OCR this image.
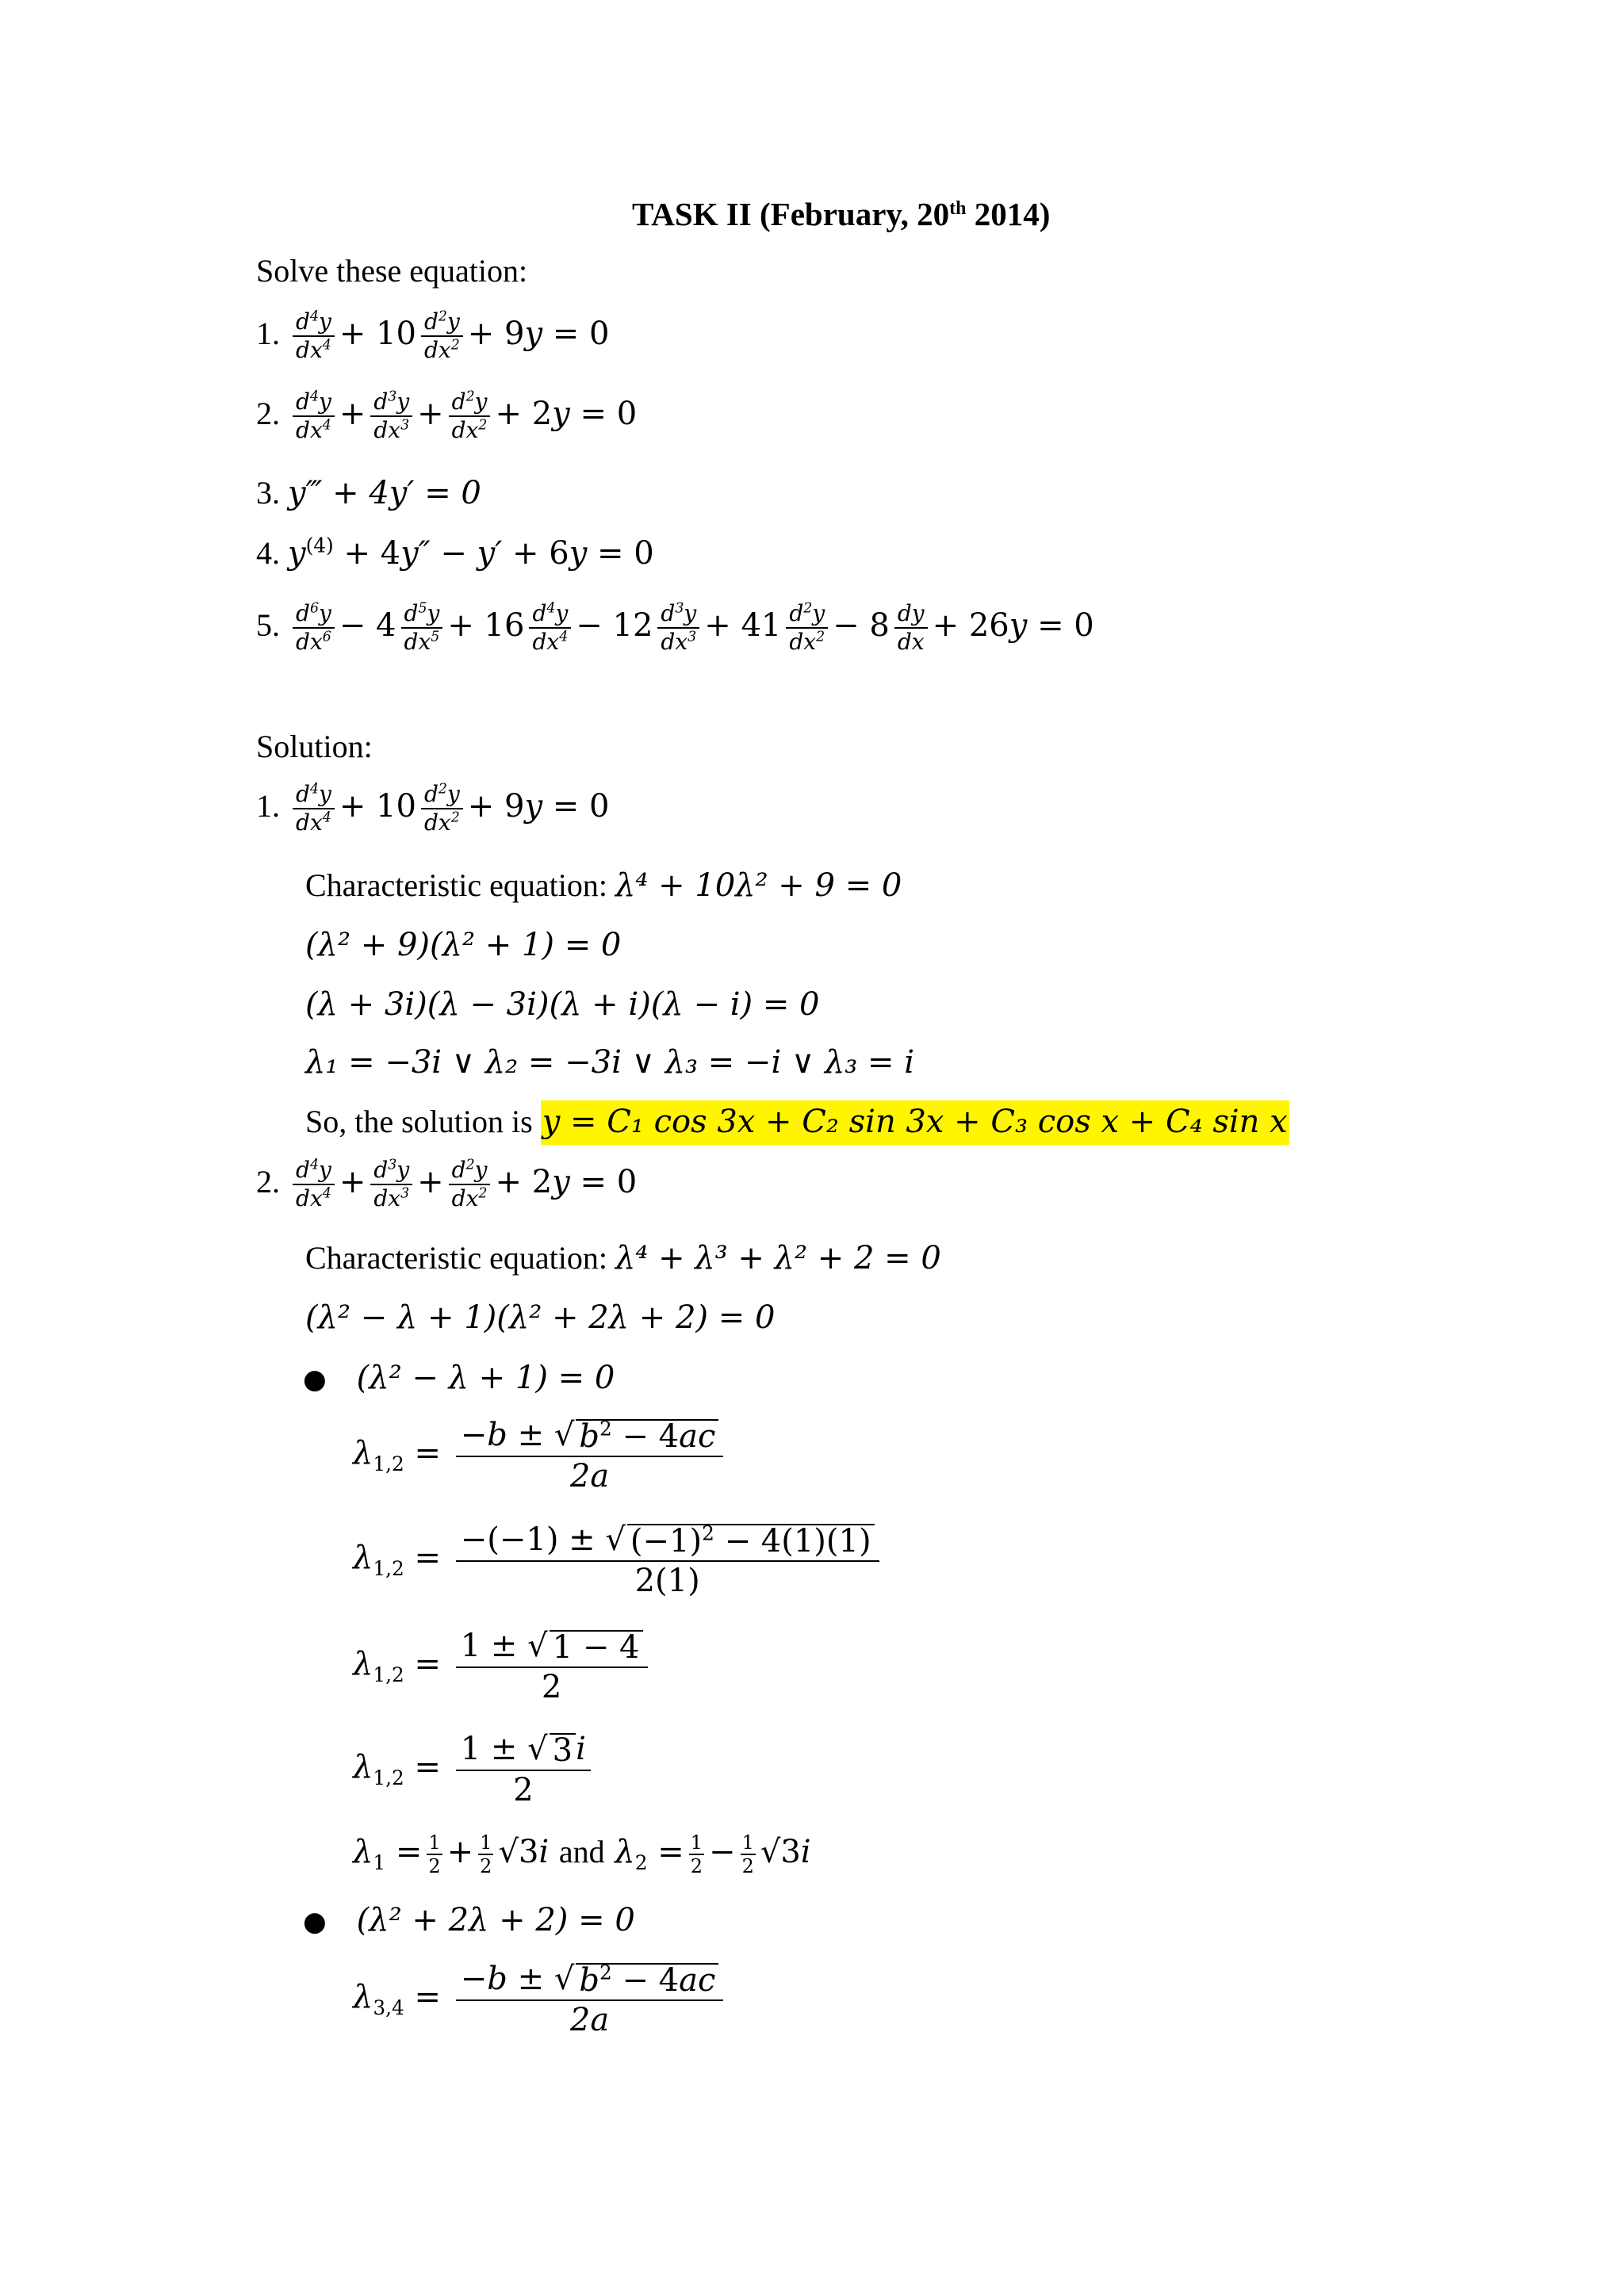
TASK II (February, 20th 2014)
Solve these equation:
1. $\frac{d^4y}{dx^4} + 10 \frac{d^2y}{dx^2} + 9y = 0$
2. $\frac{d^4y}{dx^4} + \frac{d^3y}{dx^3} + \frac{d^2y}{dx^2} + 2y = 0$
3. y‴ + 4y′ = 0
4. $y^{(4)} + 4y'' - y' + 6y = 0$
5. $\frac{d^6y}{dx^6} - 4 \frac{d^5y}{dx^5} + 16 \frac{d^4y}{dx^4} - 12 \frac{d^3y}{dx^3} + 41 \frac{d^2y}{dx^2} - 8 \frac{dy}{dx} + 26y = 0$
Solution:
1. $\frac{d^4y}{dx^4} + 10 \frac{d^2y}{dx^2} + 9y = 0$
Characteristic equation: λ⁴ + 10λ² + 9 = 0
(λ² + 9)(λ² + 1) = 0
(λ + 3i)(λ − 3i)(λ + i)(λ − i) = 0
λ₁ = −3i ∨ λ₂ = −3i ∨ λ₃ = −i ∨ λ₃ = i
So, the solution is y = C₁ cos 3x + C₂ sin 3x + C₃ cos x + C₄ sin x
2. $\frac{d^4y}{dx^4} + \frac{d^3y}{dx^3} + \frac{d^2y}{dx^2} + 2y = 0$
Characteristic equation: λ⁴ + λ³ + λ² + 2 = 0
(λ² − λ + 1)(λ² + 2λ + 2) = 0
● (λ² − λ + 1) = 0
$\lambda_{1,2} = \frac{-b \pm √ b^2 - 4ac}{2a}$
$\lambda_{1,2} = \frac{-(-1) \pm √ (-1)^2 - 4(1)(1)}{2(1)}$
$\lambda_{1,2} = \frac{1 \pm √ 1 - 4}{2}$
$\lambda_{1,2} = \frac{1 \pm √ 3 i}{2}$
$\lambda_1 = \frac{1}{2} + \frac{1}{2} √3i$ and $\lambda_2 = \frac{1}{2} - \frac{1}{2} √3i$
● (λ² + 2λ + 2) = 0
$\lambda_{3,4} = \frac{-b \pm √ b^2 - 4ac}{2a}$
